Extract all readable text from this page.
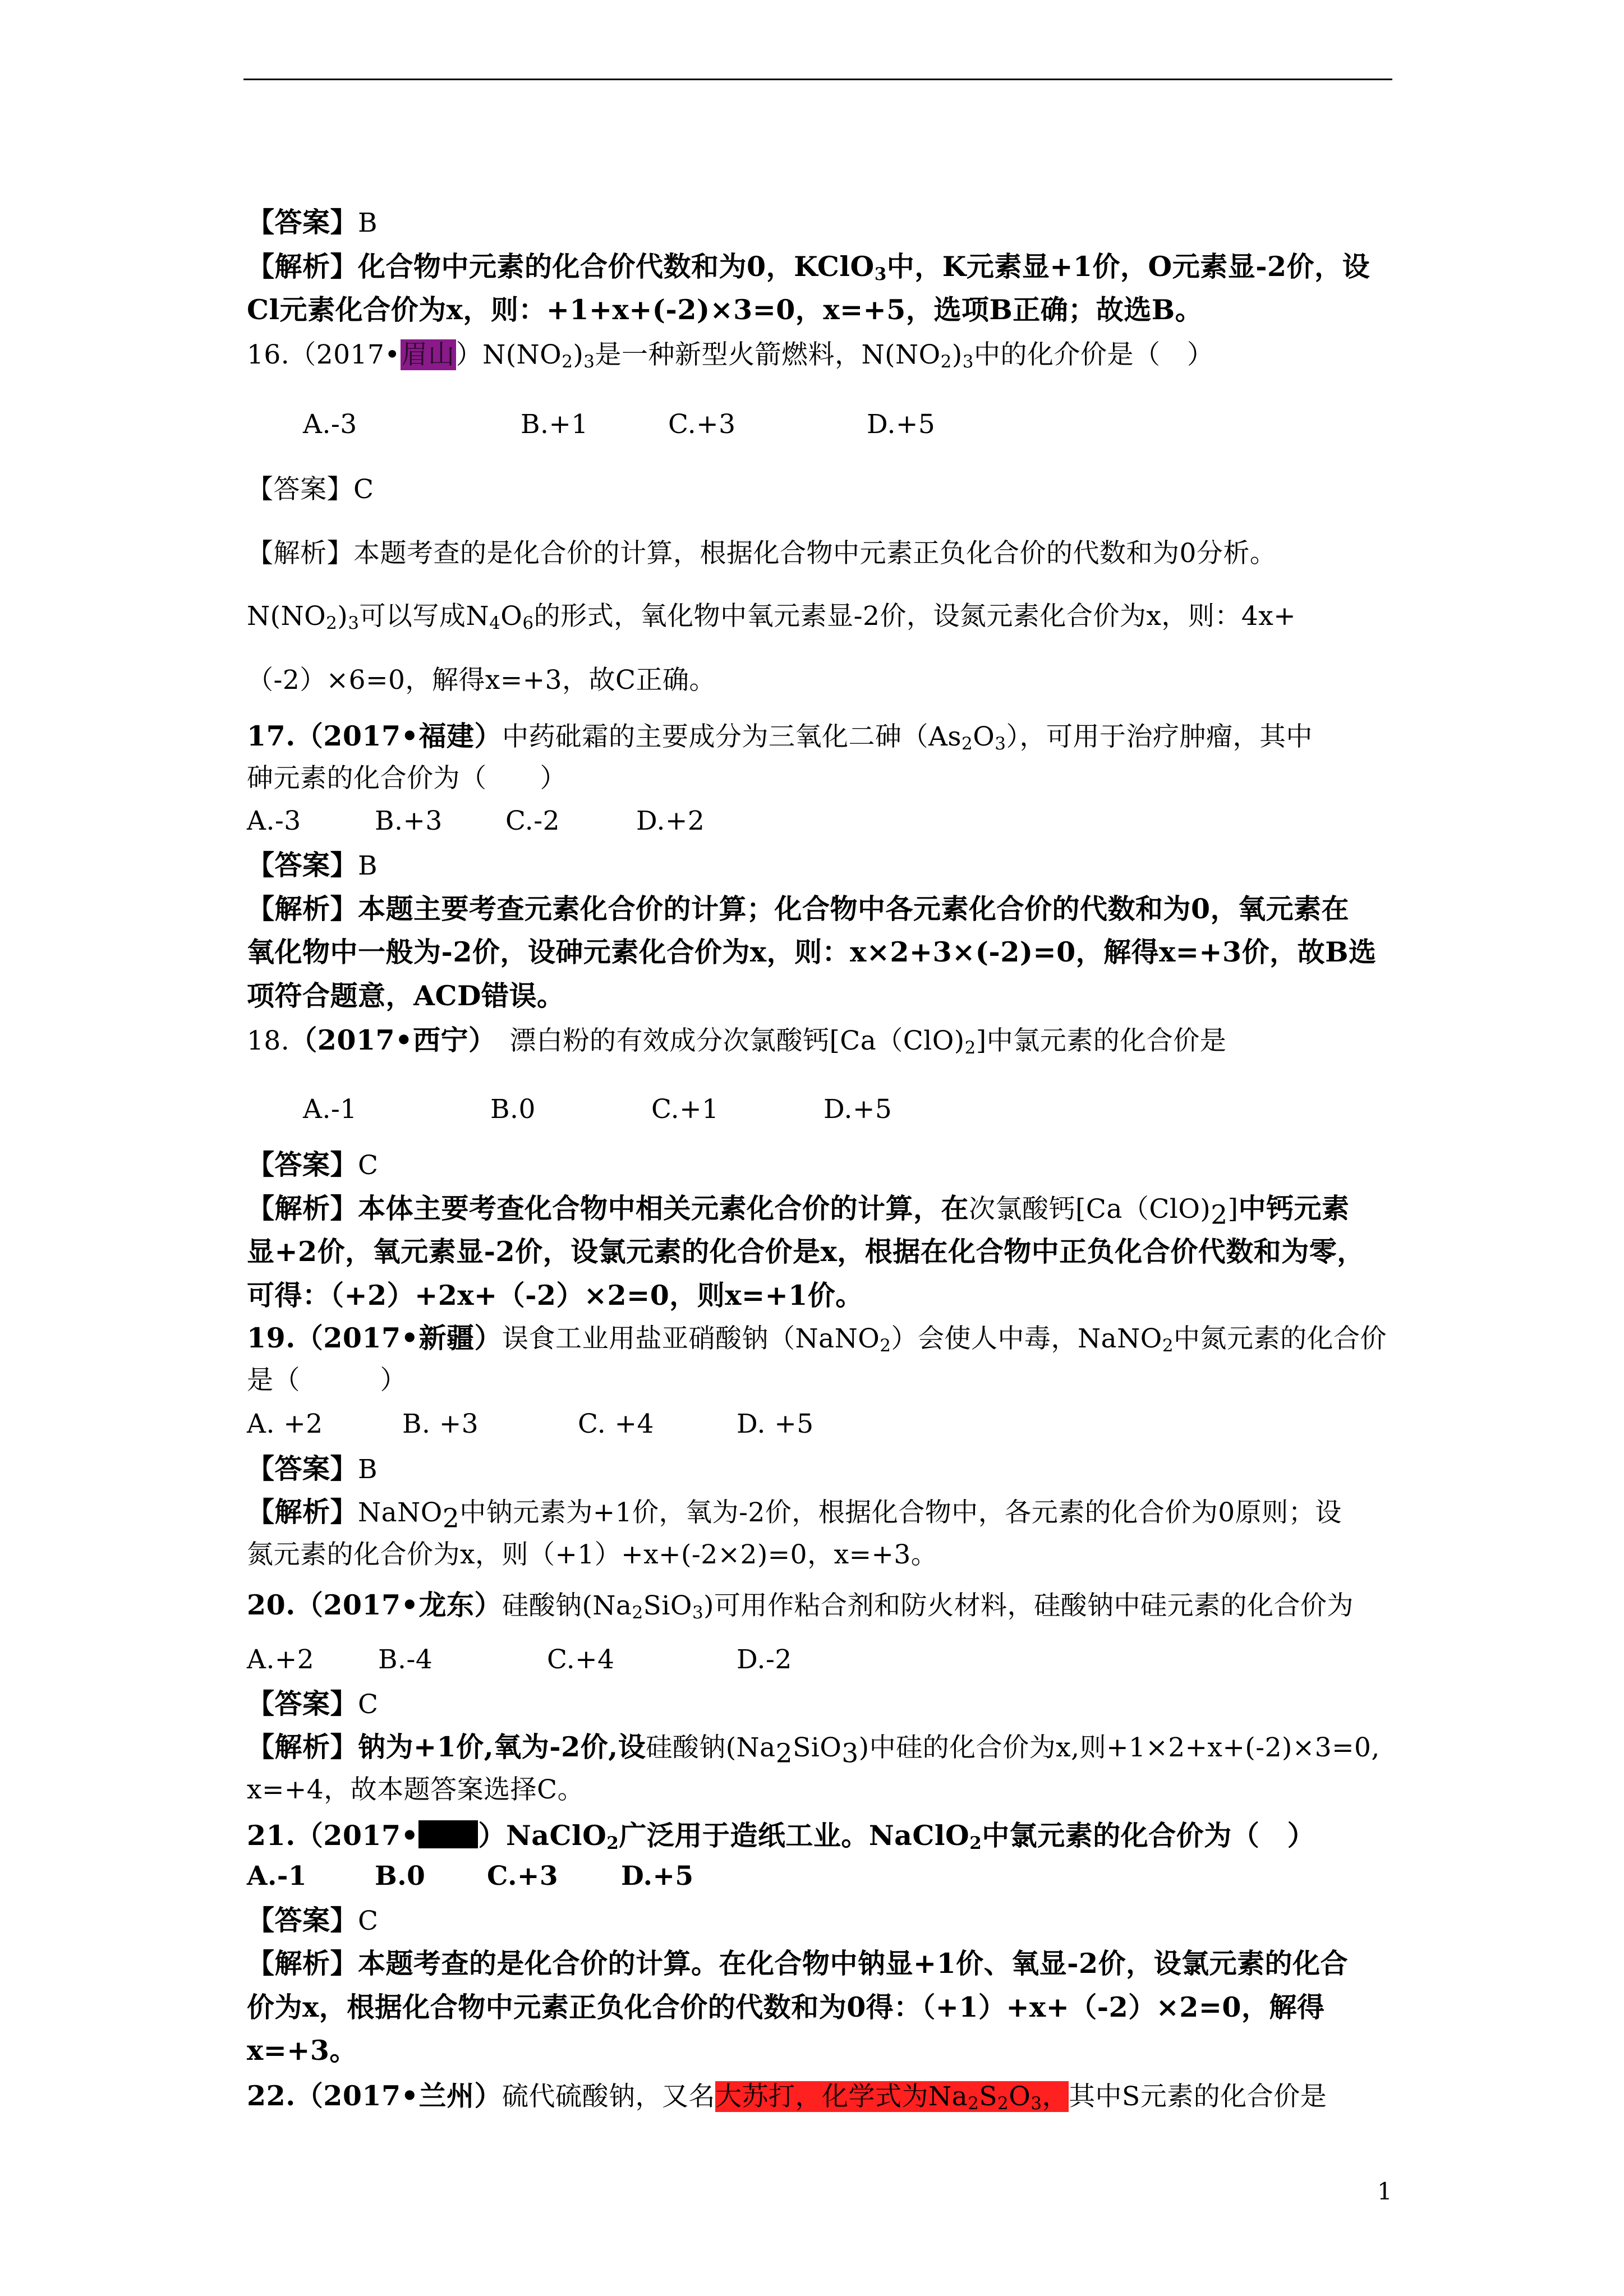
【答案】B
【解析】化合物中元素的化合价代数和为0，KClO$_3$中，K元素显+1价，O元素显-2价，设
Cl元素化合价为x，则：+1+x+(-2)×3=0，x=+5，选项B正确；故选B。
16.（2017•眉山）$N(NO_2)_3$是一种新型火箭燃料，$N(NO_2)_3$中的化介价是（　）
A.-3	B.+1	C.+3	D.+5
【答案】C
【解析】本题考查的是化合价的计算，根据化合物中元素正负化合价的代数和为0分析。
$N(NO_2)_3$可以写成$N_4O_6$的形式，氧化物中氧元素显-2价，设氮元素化合价为x，则：4x+
（-2）×6=0，解得x=+3，故C正确。
17.（2017•福建）中药砒霜的主要成分为三氧化二砷$(As_2O_3)$，可用于治疗肿瘤，其中
砷元素的化合价为（　　）
A.-3	B.+3 C.-2	D.+2
【答案】B
【解析】本题主要考查元素化合价的计算；化合物中各元素化合价的代数和为0，氧元素在
氧化物中一般为-2价，设砷元素化合价为x，则：x×2+3×(-2)=0，解得x=+3价，故B选
项符合题意，ACD错误。
18.（2017•西宁） 漂白粉的有效成分次氯酸钙$[Ca(ClO)_2]$中氯元素的化合价是
A.-1	B.0	C.+1	D.+5
【答案】C
【解析】本体主要考查化合物中相关元素化合价的计算，在次氯酸钙$[Ca(ClO)_2]$中钙元素
显+2价，氧元素显-2价，设氯元素的化合价是x，根据在化合物中正负化合价代数和为零，
可得：（+2）+2x+（-2）×2=0，则x=+1价。
19.（2017•新疆）误食工业用盐亚硝酸钠（NaNO$_2$）会使人中毒，NaNO$_2$中氮元素的化合价
是（　　　）
A. +2	B. +3	C. +4	D. +5
【答案】B
【解析】NaNO$_2$中钠元素为+1价，氧为-2价，根据化合物中，各元素的化合价为0原则；设
氮元素的化合价为x，则（+1）+x+(-2×2)=0，x=+3。
20.（2017•龙东）硅酸钠$(Na_2SiO_3)$可用作粘合剂和防火材料，硅酸钠中硅元素的化合价为
A.+2 B.-4	C.+4	D.-2
【答案】C
【解析】钠为+1价,氧为-2价,设硅酸钠$(Na_2SiO_3)$中硅的化合价为x,则+1×2+x+(-2)×3=0,
x=+4，故本题答案选择C。
21.（2017• ）NaClO$_2$广泛用于造纸工业。NaClO$_2$中氯元素的化合价为（　）
A.-1	B.0 C.+3 D.+5
【答案】C
【解析】本题考查的是化合价的计算。在化合物中钠显+1价、氧显-2价，设氯元素的化合
价为x，根据化合物中元素正负化合价的代数和为0得：（+1）+x+（-2）×2=0，解得
x=+3。
22.（2017•兰州）硫代硫酸钠，又名大苏打，化学式为$Na_2S_2O_3$，其中S元素的化合价是
1
